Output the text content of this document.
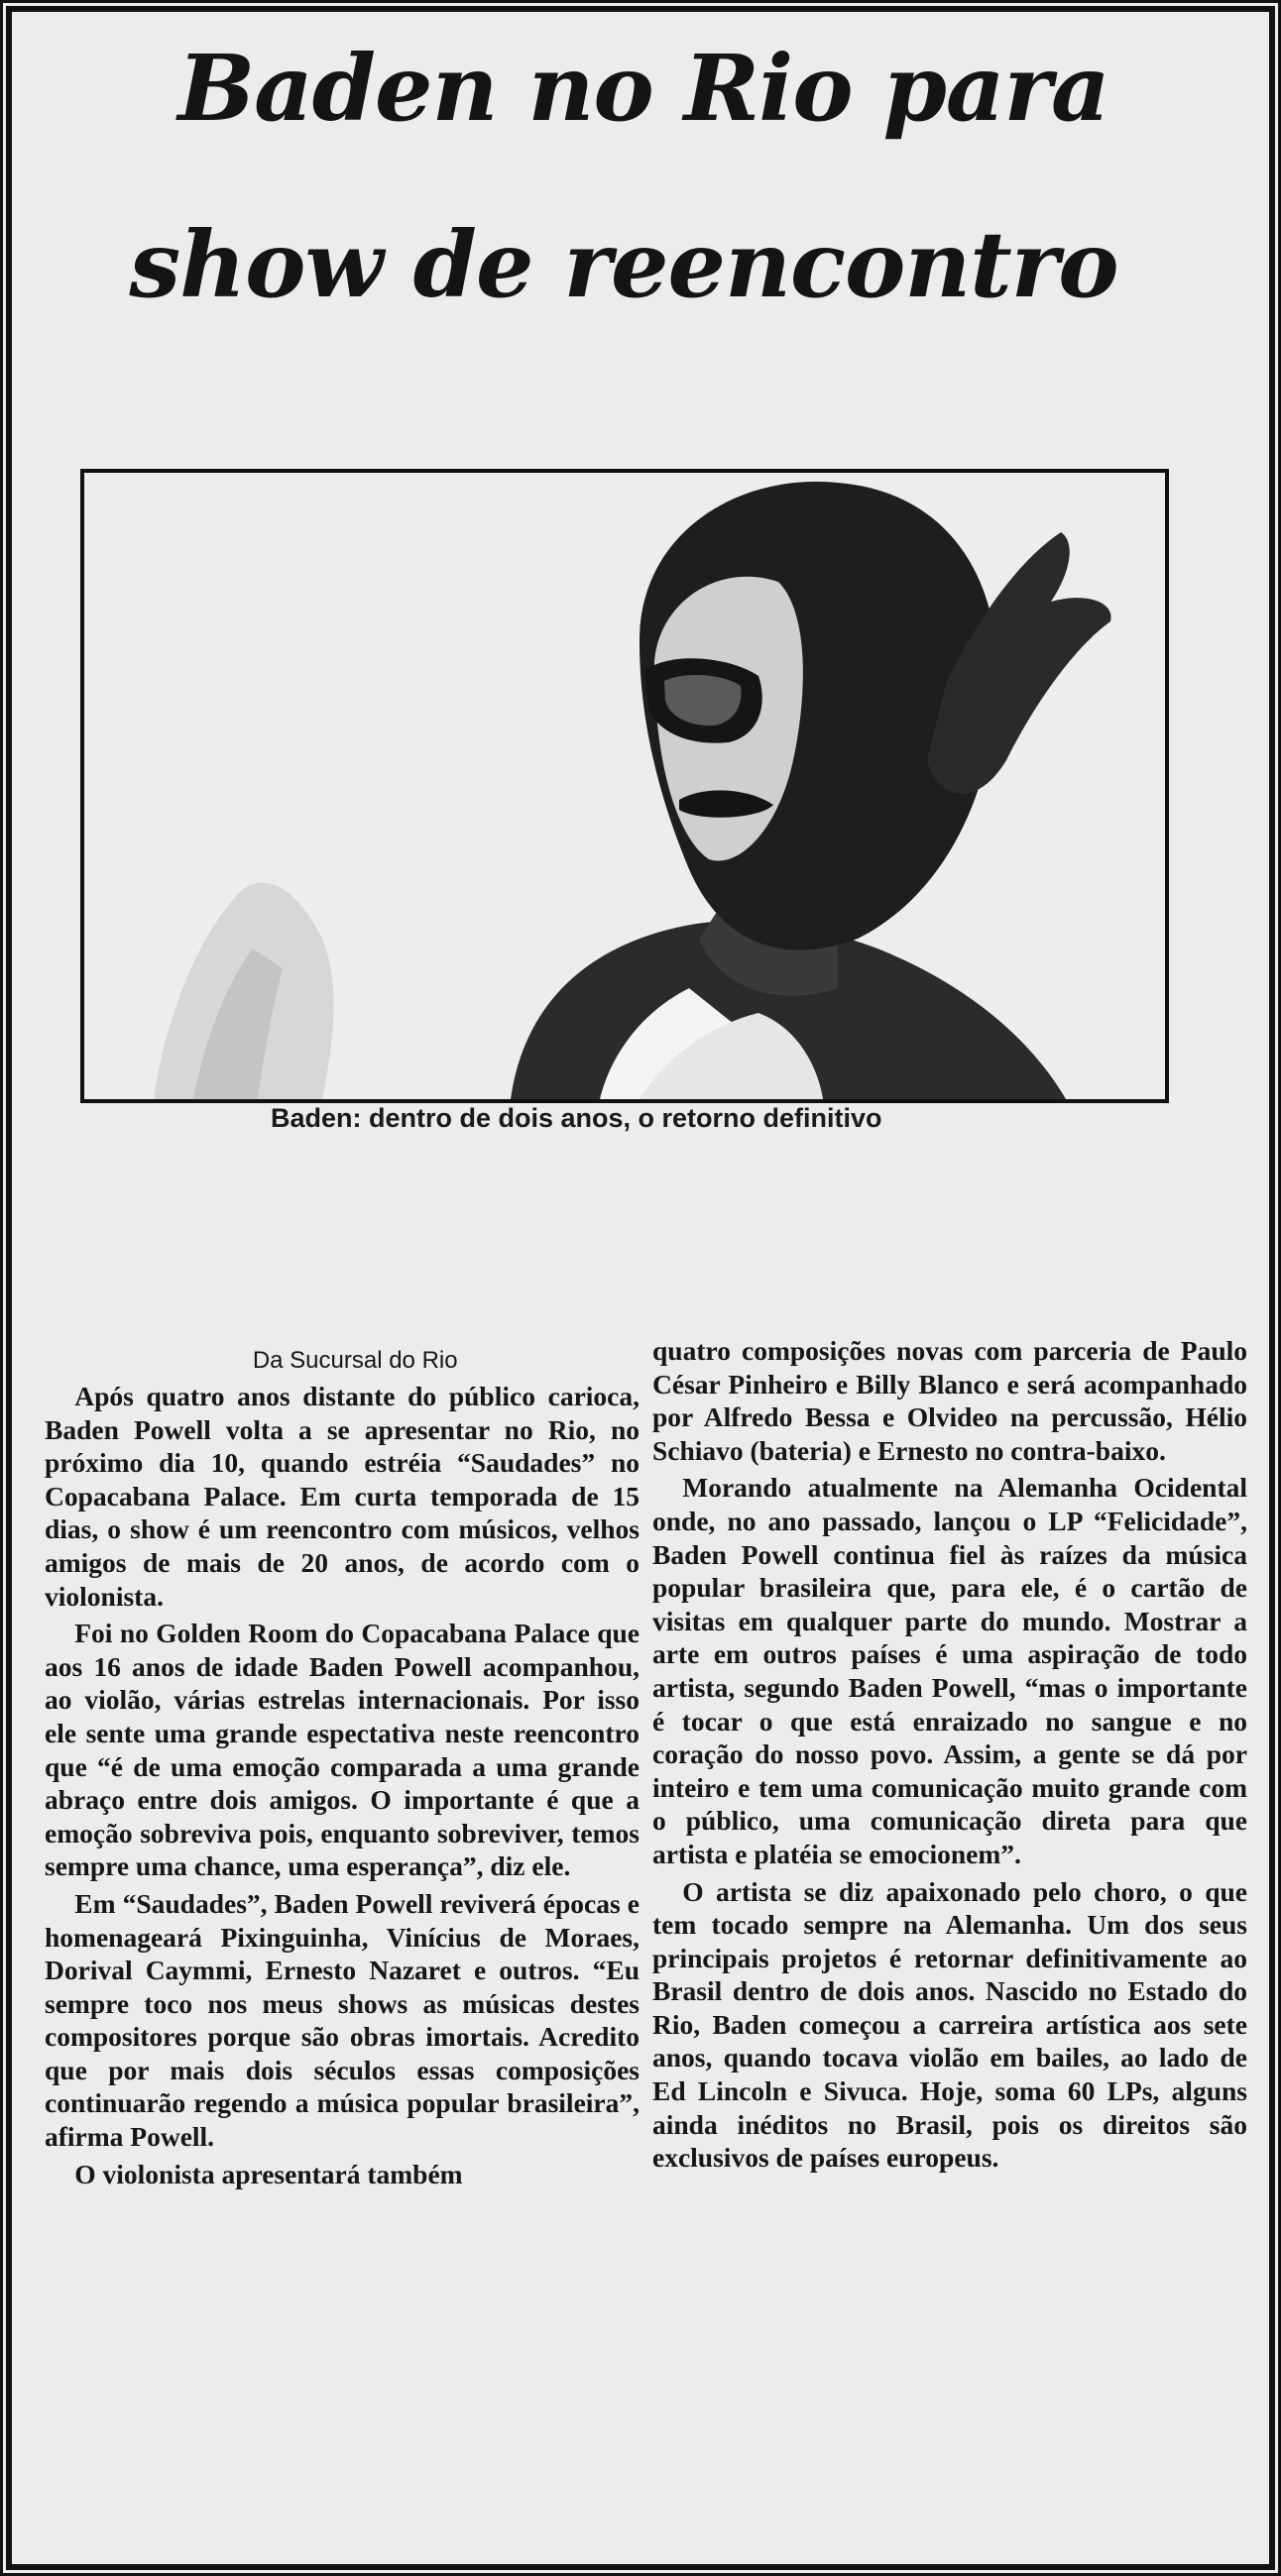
Baden no Rio para
show de reencontro

Baden: dentro de dois anos, o retorno definitivo

Da Sucursal do Rio

Após quatro anos distante do público carioca, Baden Powell volta a se apresentar no Rio, no próximo dia 10, quando estréia “Saudades” no Copacabana Palace. Em curta temporada de 15 dias, o show é um reencontro com músicos, velhos amigos de mais de 20 anos, de acordo com o violonista.

Foi no Golden Room do Copacabana Palace que aos 16 anos de idade Baden Powell acompanhou, ao violão, várias estrelas internacionais. Por isso ele sente uma grande espectativa neste reencontro que “é de uma emoção comparada a uma grande abraço entre dois amigos. O importante é que a emoção sobreviva pois, enquanto sobreviver, temos sempre uma chance, uma esperança”, diz ele.

Em “Saudades”, Baden Powell reviverá épocas e homenageará Pixinguinha, Vinícius de Moraes, Dorival Caymmi, Ernesto Nazaret e outros. “Eu sempre toco nos meus shows as músicas destes compositores porque são obras imortais. Acredito que por mais dois séculos essas composições continuarão regendo a música popular brasileira”, afirma Powell.

O violonista apresentará também

quatro composições novas com parceria de Paulo César Pinheiro e Billy Blanco e será acompanhado por Alfredo Bessa e Olvideo na percussão, Hélio Schiavo (bateria) e Ernesto no contra-baixo.

Morando atualmente na Alemanha Ocidental onde, no ano passado, lançou o LP “Felicidade”, Baden Powell continua fiel às raízes da música popular brasileira que, para ele, é o cartão de visitas em qualquer parte do mundo. Mostrar a arte em outros países é uma aspiração de todo artista, segundo Baden Powell, “mas o importante é tocar o que está enraizado no sangue e no coração do nosso povo. Assim, a gente se dá por inteiro e tem uma comunicação muito grande com o público, uma comunicação direta para que artista e platéia se emocionem”.

O artista se diz apaixonado pelo choro, o que tem tocado sempre na Alemanha. Um dos seus principais projetos é retornar definitivamente ao Brasil dentro de dois anos. Nascido no Estado do Rio, Baden começou a carreira artística aos sete anos, quando tocava violão em bailes, ao lado de Ed Lincoln e Sivuca. Hoje, soma 60 LPs, alguns ainda inéditos no Brasil, pois os direitos são exclusivos de países europeus.
